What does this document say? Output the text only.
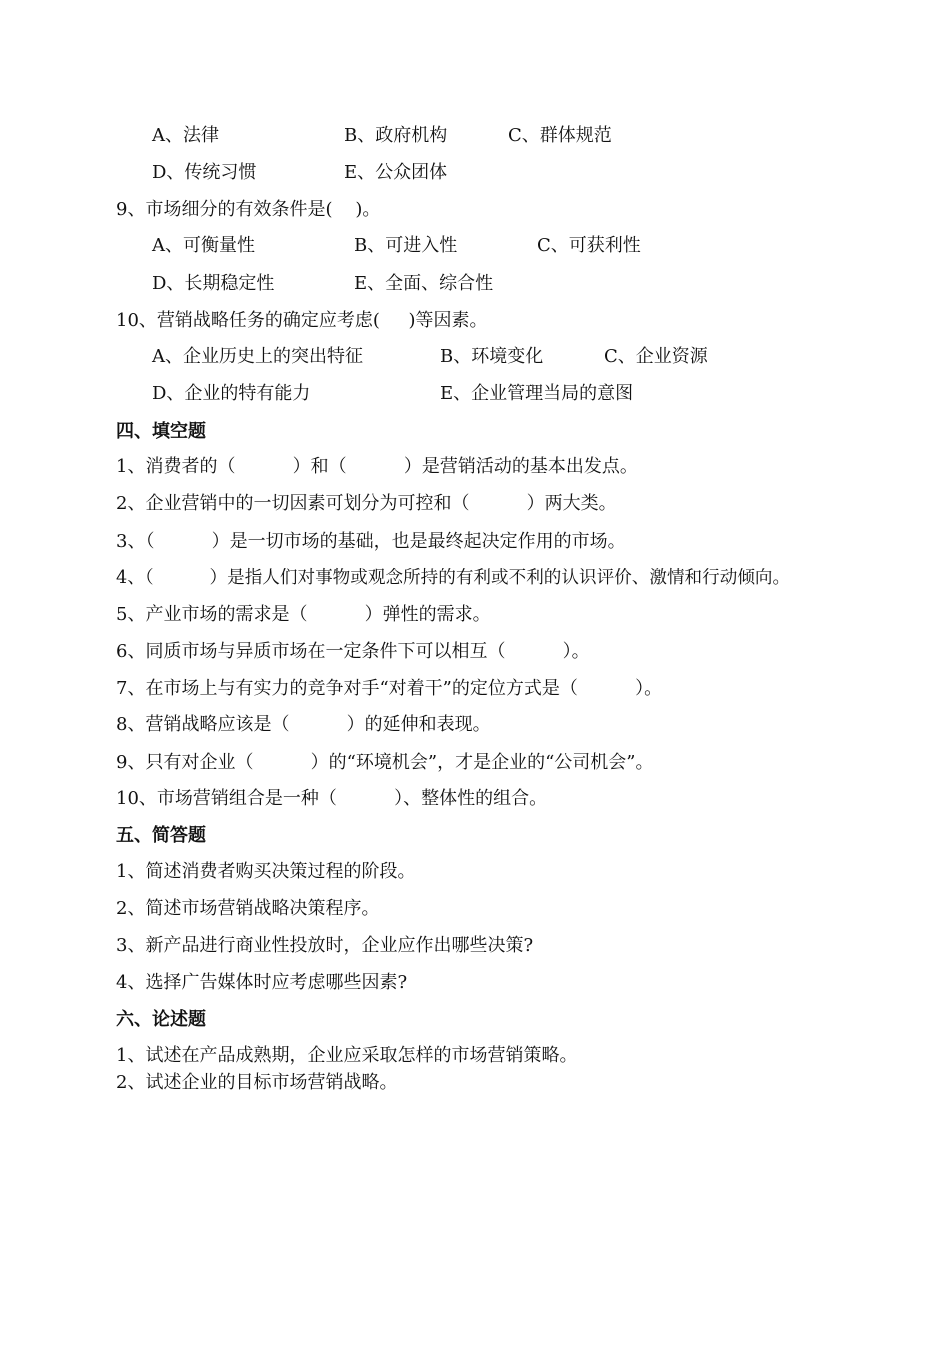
A、法律	B、政府机构	C、群体规范
D、传统习惯	E、公众团体
9、市场细分的有效条件是(    )。
A、可衡量性	B、可进入性	C、可获利性
D、长期稳定性	E、全面、综合性
10、营销战略任务的确定应考虑(     )等因素。
A、企业历史上的突出特征	B、环境变化	C、企业资源
D、企业的特有能力	E、企业管理当局的意图
四、填空题
1、消费者的（          ）和（          ）是营销活动的基本出发点。
2、企业营销中的一切因素可划分为可控和（          ）两大类。
3、（          ）是一切市场的基础，也是最终起决定作用的市场。
4、（          ）是指人们对事物或观念所持的有利或不利的认识评价、激情和行动倾向。
5、产业市场的需求是（          ）弹性的需求。
6、同质市场与异质市场在一定条件下可以相互（          ）。
7、在市场上与有实力的竞争对手“对着干”的定位方式是（          ）。
8、营销战略应该是（          ）的延伸和表现。
9、只有对企业（          ）的“环境机会”，才是企业的“公司机会”。
10、市场营销组合是一种（          ）、整体性的组合。
五、简答题
1、简述消费者购买决策过程的阶段。
2、简述市场营销战略决策程序。
3、新产品进行商业性投放时，企业应作出哪些决策?
4、选择广告媒体时应考虑哪些因素?
六、论述题
1、试述在产品成熟期，企业应采取怎样的市场营销策略。
2、试述企业的目标市场营销战略。
